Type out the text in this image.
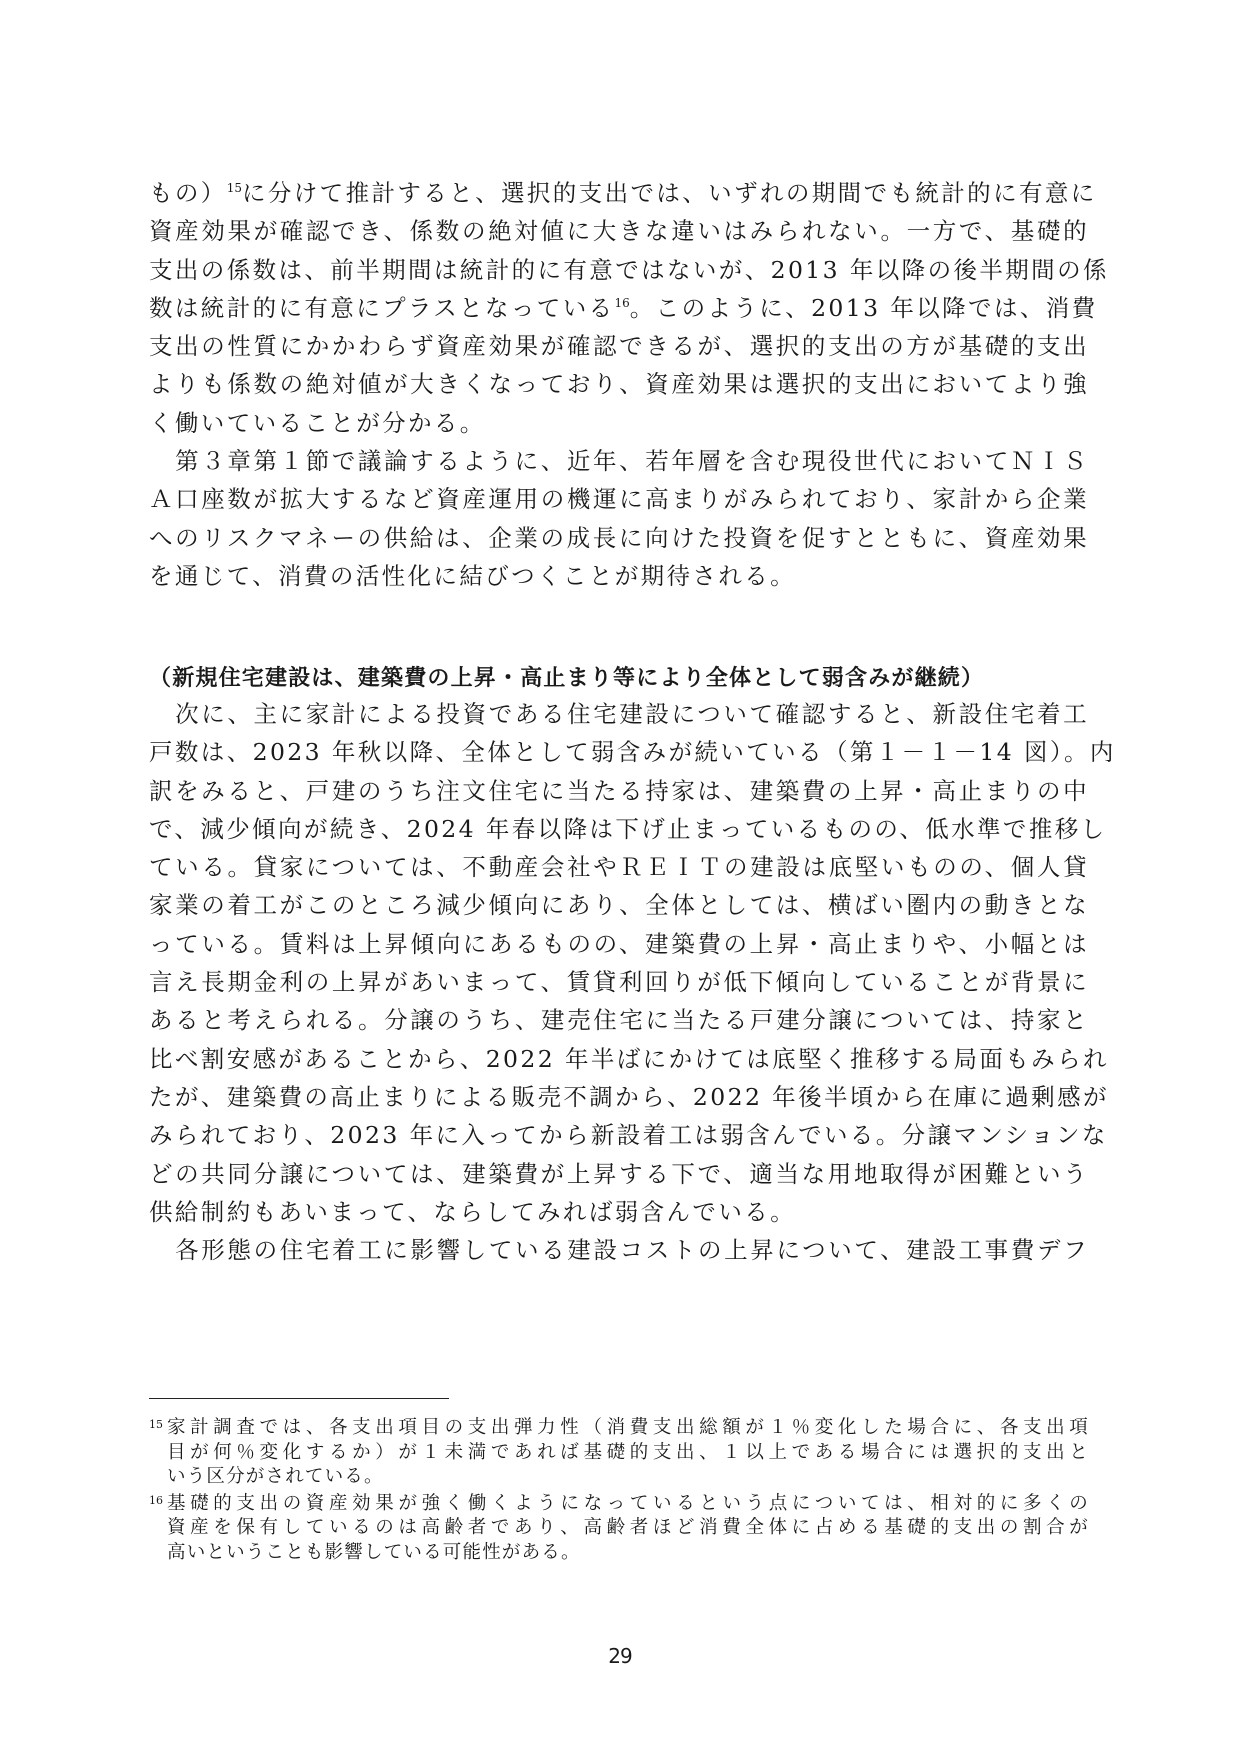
もの）$^{15}$に分けて推計すると、選択的支出では、いずれの期間でも統計的に有意に
資産効果が確認でき、係数の絶対値に大きな違いはみられない。一方で、基礎的
支出の係数は、前半期間は統計的に有意ではないが、2013 年以降の後半期間の係
数は統計的に有意にプラスとなっている$^{16}$。このように、2013 年以降では、消費
支出の性質にかかわらず資産効果が確認できるが、選択的支出の方が基礎的支出
よりも係数の絶対値が大きくなっており、資産効果は選択的支出においてより強
く働いていることが分かる。
　第３章第１節で議論するように、近年、若年層を含む現役世代においてＮＩＳ
Ａ口座数が拡大するなど資産運用の機運に高まりがみられており、家計から企業
へのリスクマネーの供給は、企業の成長に向けた投資を促すとともに、資産効果
を通じて、消費の活性化に結びつくことが期待される。
（新規住宅建設は、建築費の上昇・高止まり等により全体として弱含みが継続）
　次に、主に家計による投資である住宅建設について確認すると、新設住宅着工
戸数は、2023 年秋以降、全体として弱含みが続いている（第１－１－14 図）。内
訳をみると、戸建のうち注文住宅に当たる持家は、建築費の上昇・高止まりの中
で、減少傾向が続き、2024 年春以降は下げ止まっているものの、低水準で推移し
ている。貸家については、不動産会社やＲＥＩＴの建設は底堅いものの、個人貸
家業の着工がこのところ減少傾向にあり、全体としては、横ばい圏内の動きとな
っている。賃料は上昇傾向にあるものの、建築費の上昇・高止まりや、小幅とは
言え長期金利の上昇があいまって、賃貸利回りが低下傾向していることが背景に
あると考えられる。分譲のうち、建売住宅に当たる戸建分譲については、持家と
比べ割安感があることから、2022 年半ばにかけては底堅く推移する局面もみられ
たが、建築費の高止まりによる販売不調から、2022 年後半頃から在庫に過剰感が
みられており、2023 年に入ってから新設着工は弱含んでいる。分譲マンションな
どの共同分譲については、建築費が上昇する下で、適当な用地取得が困難という
供給制約もあいまって、ならしてみれば弱含んでいる。
　各形態の住宅着工に影響している建設コストの上昇について、建設工事費デフ
15 家計調査では、各支出項目の支出弾力性（消費支出総額が１％変化した場合に、各支出項
目が何％変化するか）が１未満であれば基礎的支出、１以上である場合には選択的支出と
いう区分がされている。
16 基礎的支出の資産効果が強く働くようになっているという点については、相対的に多くの
資産を保有しているのは高齢者であり、高齢者ほど消費全体に占める基礎的支出の割合が
高いということも影響している可能性がある。
29
